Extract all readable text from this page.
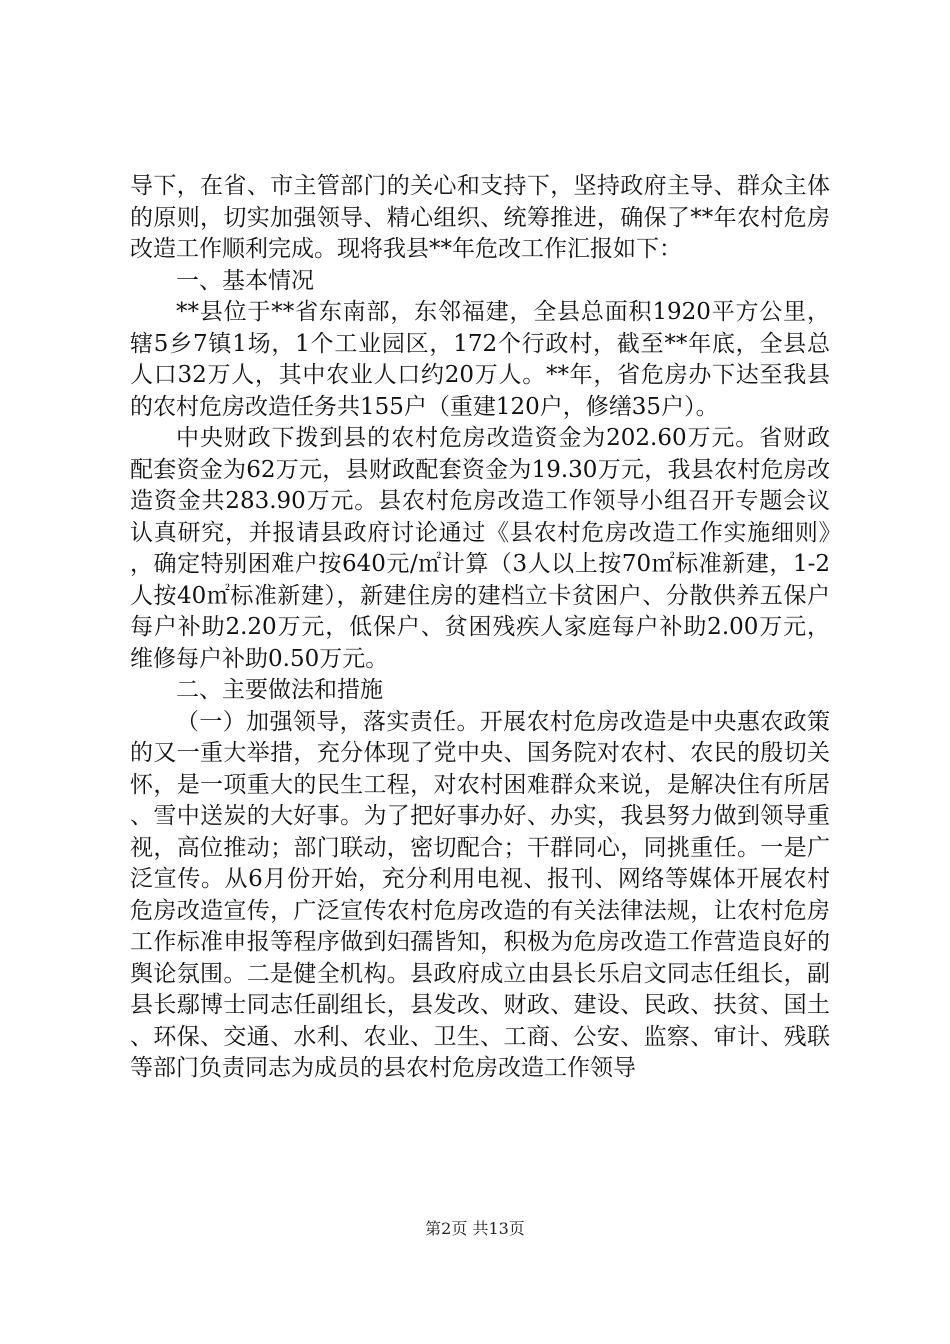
导下，在省、市主管部门的关心和支持下，坚持政府主导、群众主体的原则，切实加强领导、精心组织、统筹推进，确保了**年农村危房改造工作顺利完成。现将我县**年危改工作汇报如下：

一、基本情况

**县位于**省东南部，东邻福建，全县总面积1920平方公里，辖5乡7镇1场，1个工业园区，172个行政村，截至**年底，全县总人口32万人，其中农业人口约20万人。**年，省危房办下达至我县的农村危房改造任务共155户（重建120户，修缮35户）。

中央财政下拨到县的农村危房改造资金为202.60万元。省财政配套资金为62万元，县财政配套资金为19.30万元，我县农村危房改造资金共283.90万元。县农村危房改造工作领导小组召开专题会议认真研究，并报请县政府讨论通过《县农村危房改造工作实施细则》，确定特别困难户按640元/㎡计算（3人以上按70㎡标准新建，1-2人按40㎡标准新建），新建住房的建档立卡贫困户、分散供养五保户每户补助2.20万元，低保户、贫困残疾人家庭每户补助2.00万元，维修每户补助0.50万元。

二、主要做法和措施

（一）加强领导，落实责任。开展农村危房改造是中央惠农政策的又一重大举措，充分体现了党中央、国务院对农村、农民的殷切关怀，是一项重大的民生工程，对农村困难群众来说，是解决住有所居、雪中送炭的大好事。为了把好事办好、办实，我县努力做到领导重视，高位推动；部门联动，密切配合；干群同心，同挑重任。一是广泛宣传。从6月份开始，充分利用电视、报刊、网络等媒体开展农村危房改造宣传，广泛宣传农村危房改造的有关法律法规，让农村危房工作标准申报等程序做到妇孺皆知，积极为危房改造工作营造良好的舆论氛围。二是健全机构。县政府成立由县长乐启文同志任组长，副县长鄢博士同志任副组长，县发改、财政、建设、民政、扶贫、国土、环保、交通、水利、农业、卫生、工商、公安、监察、审计、残联等部门负责同志为成员的县农村危房改造工作领导

第2页 共13页
